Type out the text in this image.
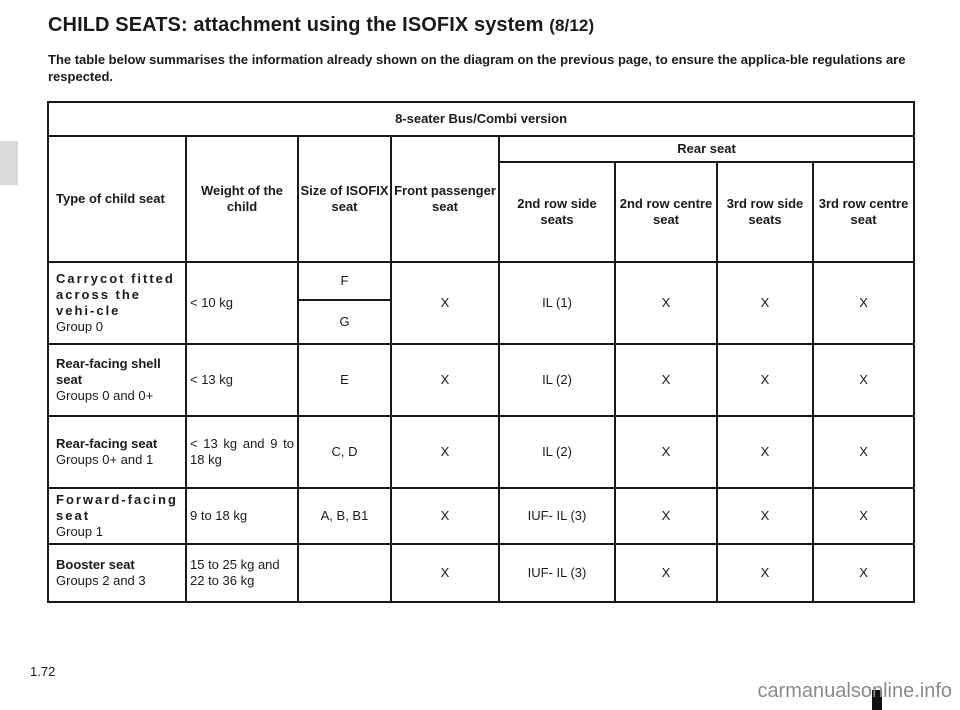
CHILD SEATS: attachment using the ISOFIX system (8/12)

The table below summarises the information already shown on the diagram on the previous page, to ensure the applica-ble regulations are respected.

8-seater Bus/Combi version							
Type of child seat	Weight of the child	Size of ISOFIX seat	Front passenger seat	Rear seat			
				2nd row side seats	2nd row centre seat	3rd row side seats	3rd row centre seat

Carrycot fitted across the vehi-cle
Group 0	< 10 kg	F	X	IL (1)	X	X	X
		G					

Rear-facing shell seat
Groups 0 and 0+	< 13 kg	E	X	IL (2)	X	X	X

Rear-facing seat
Groups 0+ and 1	< 13 kg and 9 to 18 kg	C, D	X	IL (2)	X	X	X

Forward-facing seat
Group 1	9 to 18 kg	A, B, B1	X	IUF- IL (3)	X	X	X

Booster seat
Groups 2 and 3	15 to 25 kg and 22 to 36 kg		X	IUF- IL (3)	X	X	X
1.72
carmanualsonline.info
